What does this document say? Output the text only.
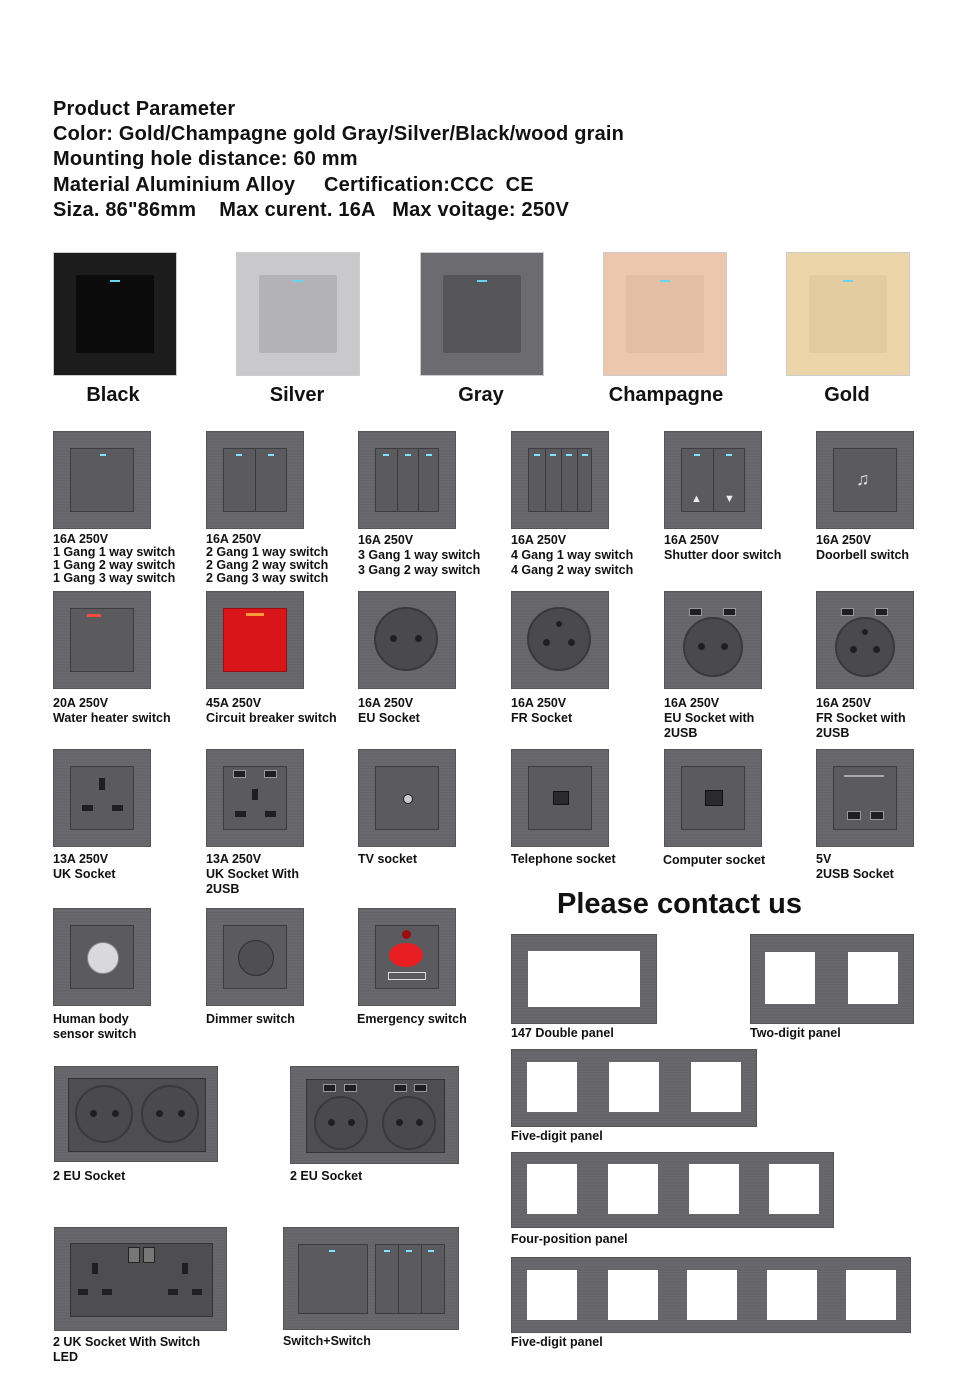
Product Parameter
Color: Gold/Champagne gold Gray/Silver/Black/wood grain
Mounting hole distance: 60 mm
Material Aluminium Alloy     Certification:CCC  CE
Siza. 86"86mm    Max curent. 16A   Max voitage: 250V
Black	Silver	Gray	Champagne	Gold
▲ ▼
♫
16A 250V
1 Gang 1 way switch
1 Gang 2 way switch
1 Gang 3 way switch
16A 250V
2 Gang 1 way switch
2 Gang 2 way switch
2 Gang 3 way switch
16A 250V
3 Gang 1 way switch
3 Gang 2 way switch
16A 250V
4 Gang 1 way switch
4 Gang 2 way switch
16A 250V
Shutter door switch
16A 250V
Doorbell switch
20A 250V
Water heater switch
45A 250V
Circuit breaker switch
16A 250V
EU Socket
16A 250V
FR Socket
16A 250V
EU Socket with
2USB
16A 250V
FR Socket with
2USB
13A 250V
UK Socket
13A 250V
UK Socket With
2USB
TV socket	Telephone socket	Computer socket	5V
2USB Socket
Human body
sensor switch
Dimmer switch	Emergency switch
Please contact us
147 Double panel	Two-digit panel
Five-digit panel
Four-position panel
Five-digit panel
2 EU Socket	2 EU Socket
2 UK Socket With Switch
LED
Switch+Switch
